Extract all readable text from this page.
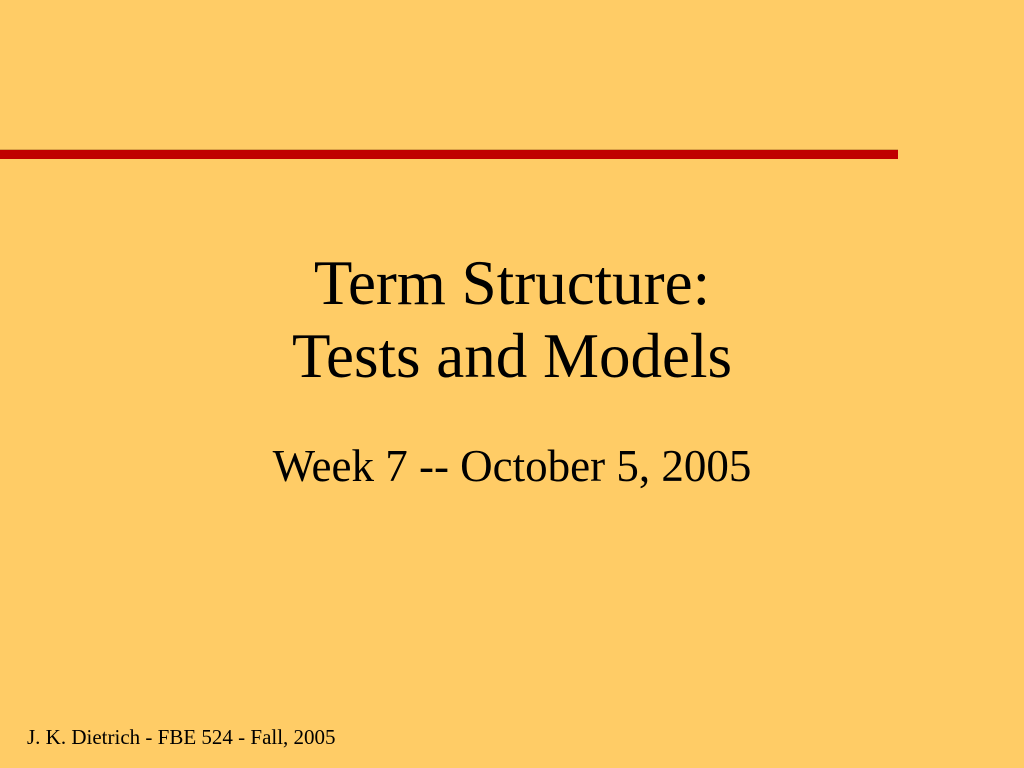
Term Structure:
Tests and Models

Week 7 -- October 5, 2005

J. K. Dietrich - FBE 524 - Fall, 2005
